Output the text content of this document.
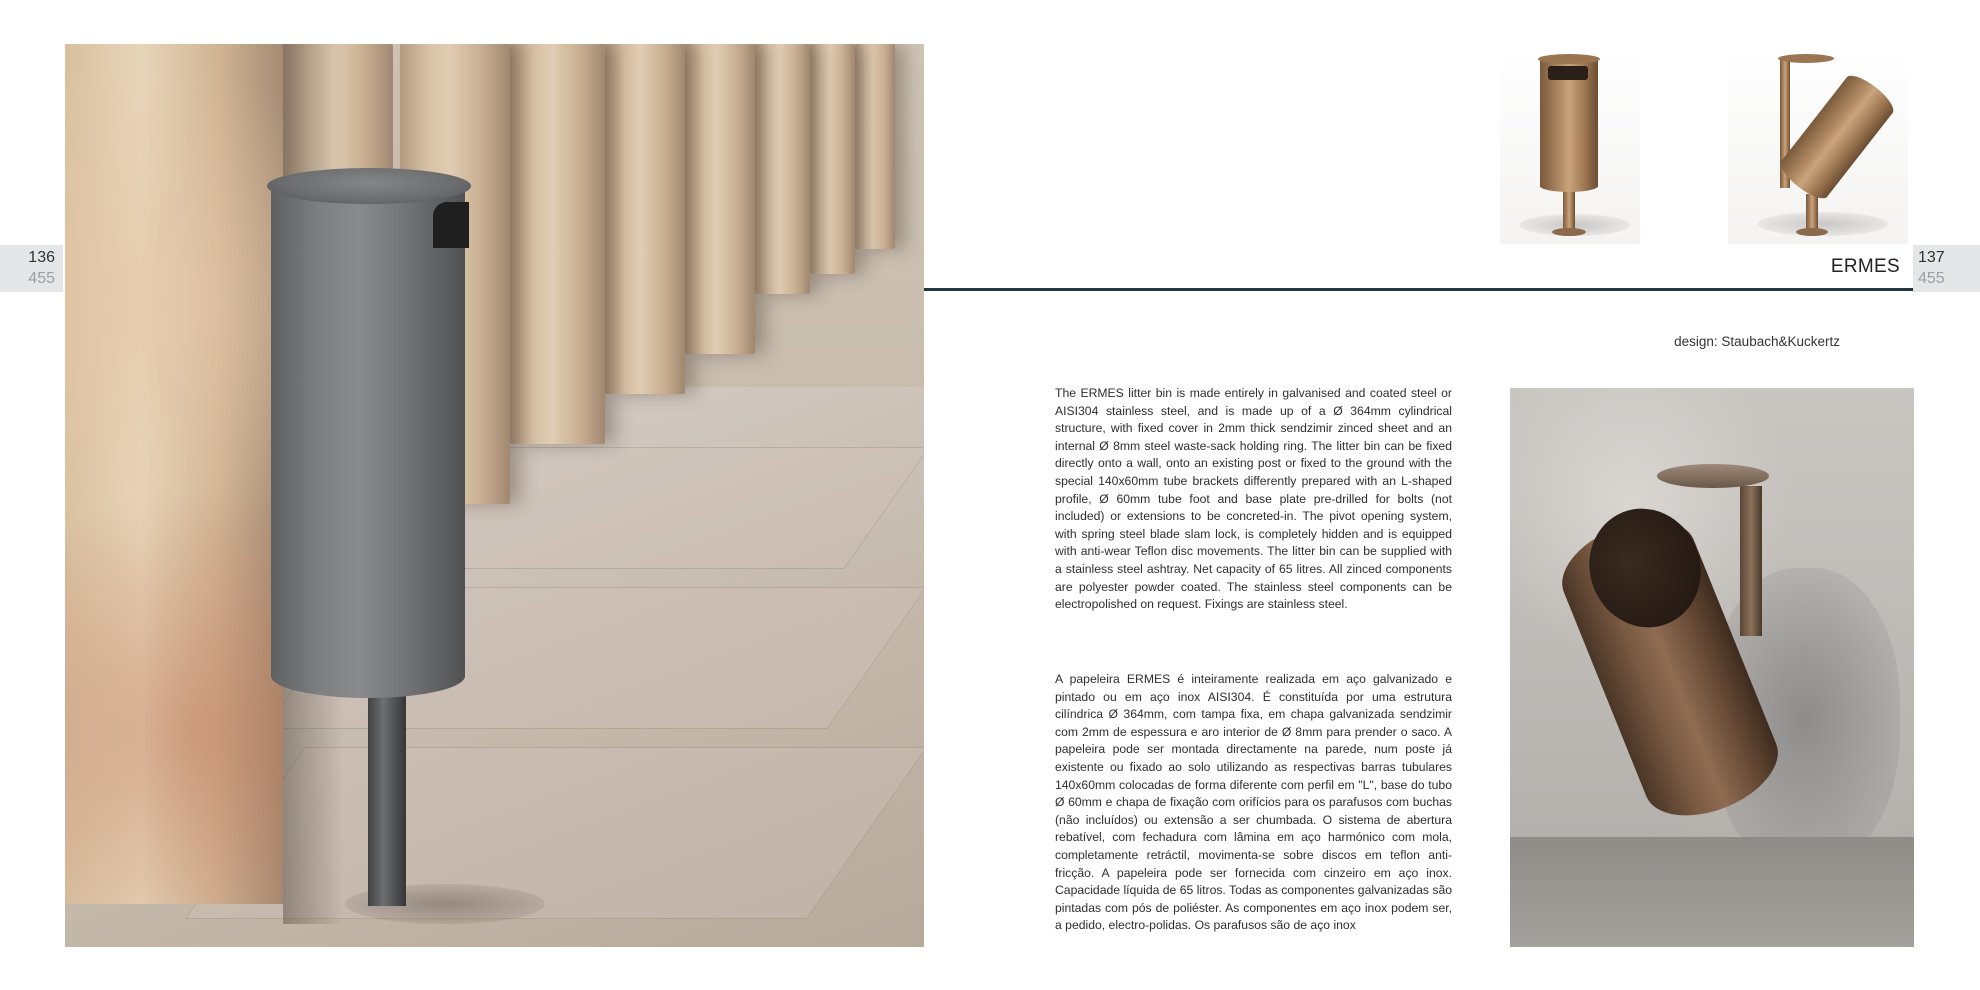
136
455
137
455
ERMES
design: Staubach&Kuckertz
The ERMES litter bin is made entirely in galvanised and coated steel or AISI304 stainless steel, and is made up of a Ø 364mm cylindrical structure, with fixed cover in 2mm thick sendzimir zinced sheet and an internal Ø 8mm steel waste-sack holding ring. The litter bin can be fixed directly onto a wall, onto an existing post or fixed to the ground with the special 140x60mm tube brackets differently prepared with an L-shaped profile, Ø 60mm tube foot and base plate pre-drilled for bolts (not included) or extensions to be concreted-in. The pivot opening system, with spring steel blade slam lock, is completely hidden and is equipped with anti-wear Teflon disc movements. The litter bin can be supplied with a stainless steel ashtray. Net capacity of 65 litres. All zinced components are polyester powder coated. The stainless steel components can be electropolished on request. Fixings are stainless steel.
A papeleira ERMES é inteiramente realizada em aço galvanizado e pintado ou em aço inox AISI304. É constituída por uma estrutura cilíndrica Ø 364mm, com tampa fixa, em chapa galvanizada sendzimir com 2mm de espessura e aro interior de Ø 8mm para prender o saco. A papeleira pode ser montada directamente na parede, num poste já existente ou fixado ao solo utilizando as respectivas barras tubulares 140x60mm colocadas de forma diferente com perfil em "L", base do tubo Ø 60mm e chapa de fixação com orifícios para os parafusos com buchas (não incluídos) ou extensão a ser chumbada. O sistema de abertura rebatível, com fechadura com lâmina em aço harmónico com mola, completamente retráctil, movimenta-se sobre discos em teflon anti-fricção. A papeleira pode ser fornecida com cinzeiro em aço inox. Capacidade líquida de 65 litros. Todas as componentes galvanizadas são pintadas com pós de poliéster. As componentes em aço inox podem ser, a pedido, electro-polidas. Os parafusos são de aço inox
